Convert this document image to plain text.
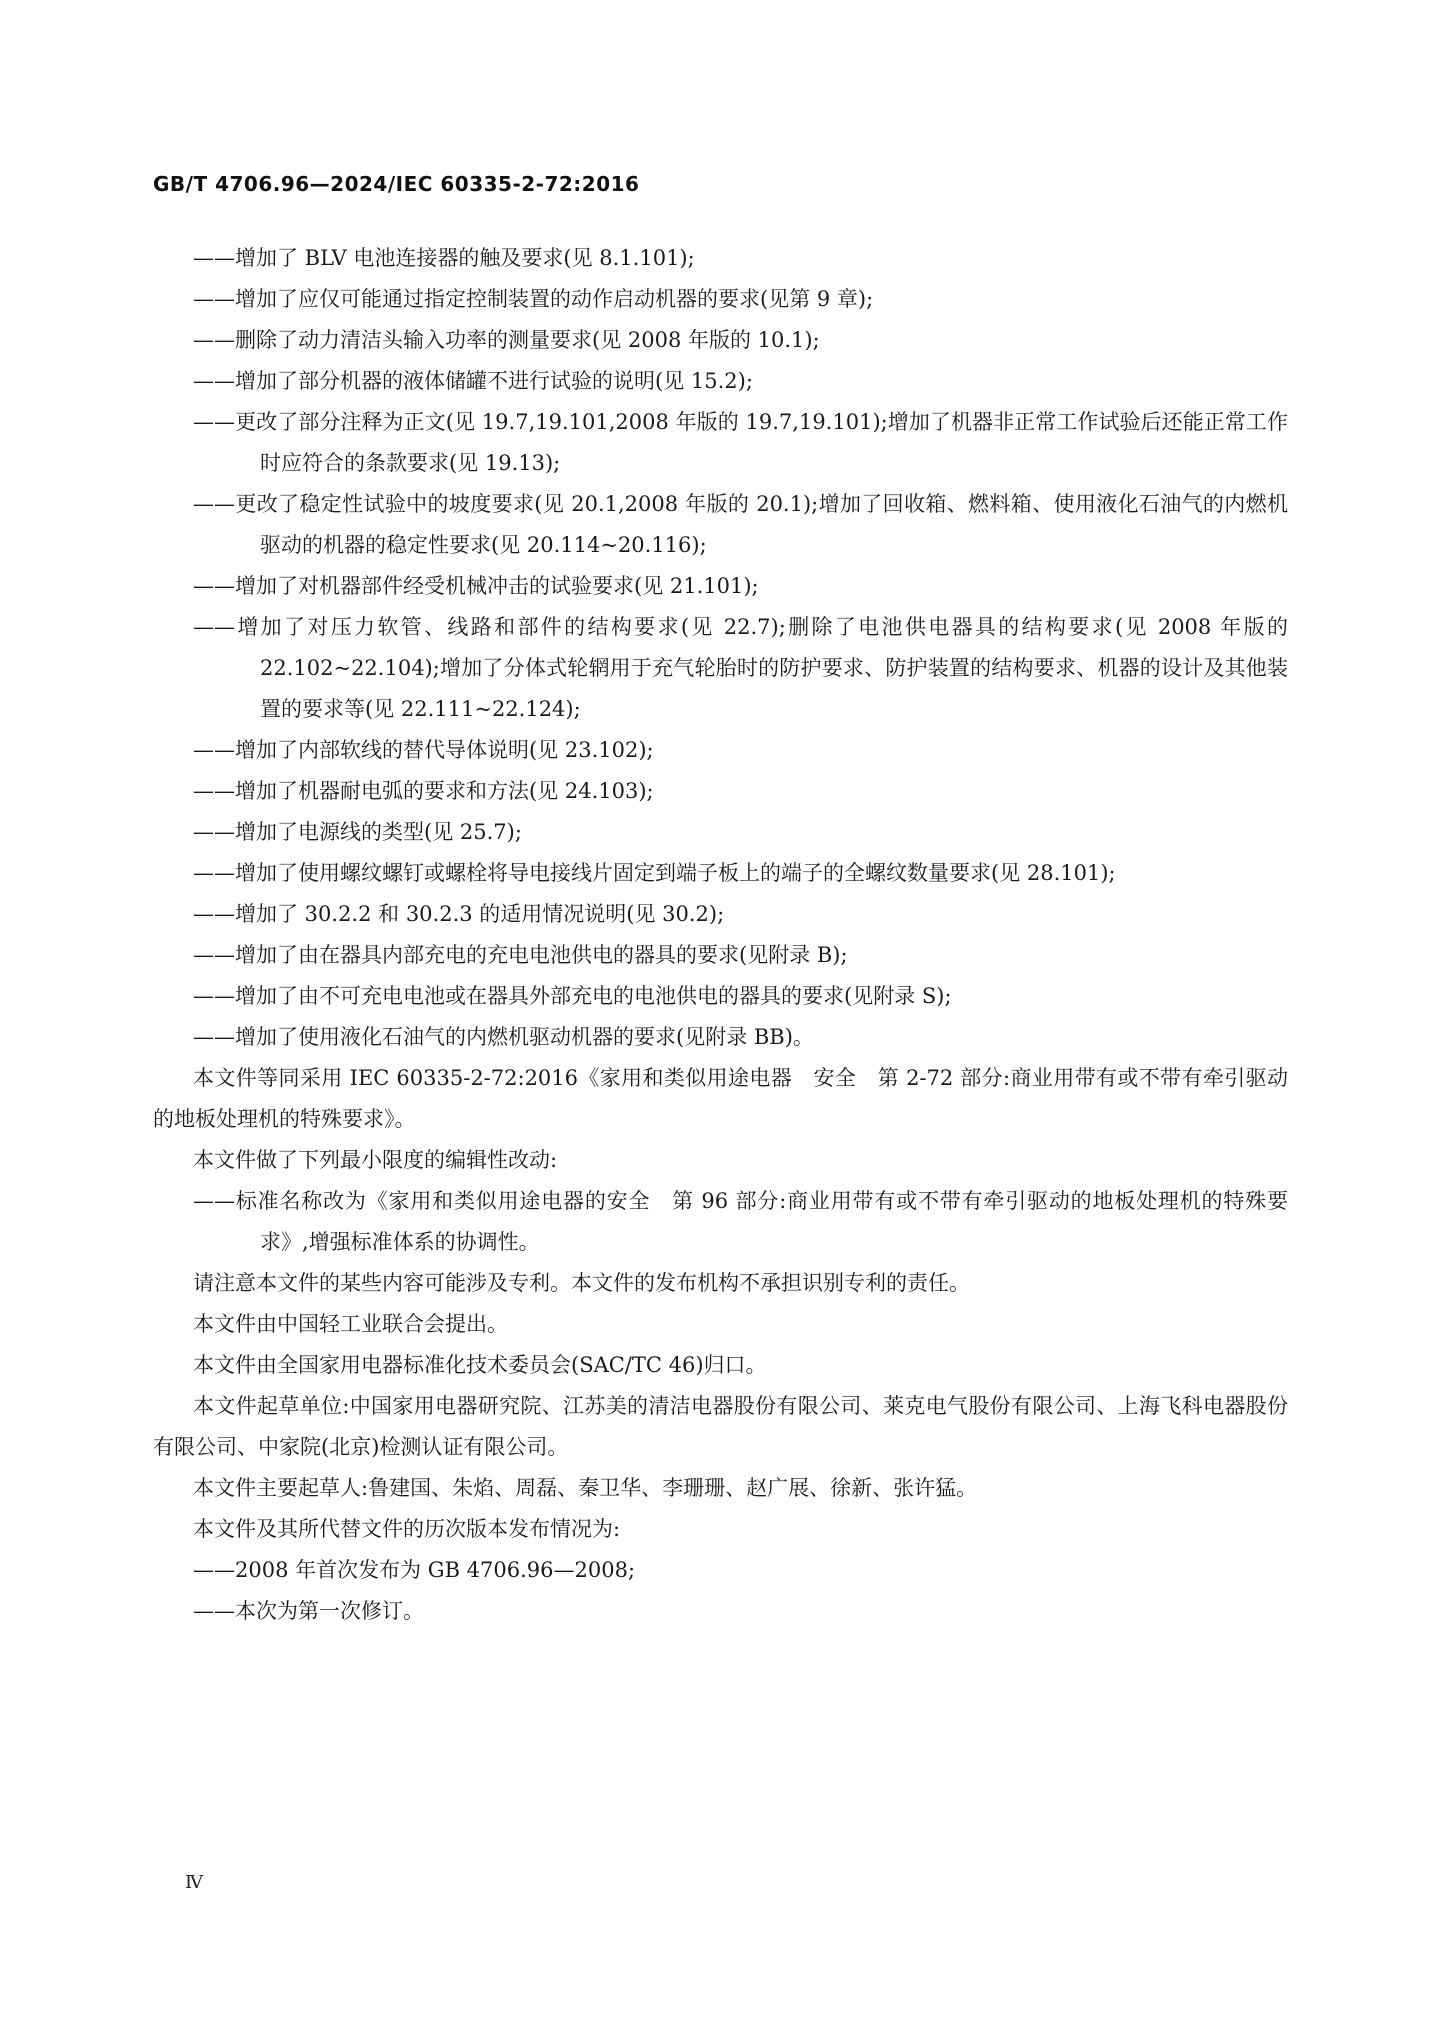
GB/T 4706.96—2024/IEC 60335-2-72:2016

——增加了 BLV 电池连接器的触及要求(见 8.1.101);

——增加了应仅可能通过指定控制装置的动作启动机器的要求(见第 9 章);

——删除了动力清洁头输入功率的测量要求(见 2008 年版的 10.1);

——增加了部分机器的液体储罐不进行试验的说明(见 15.2);

——更改了部分注释为正文(见 19.7,19.101,2008 年版的 19.7,19.101);增加了机器非正常工作试验后还能正常工作时应符合的条款要求(见 19.13);

——更改了稳定性试验中的坡度要求(见 20.1,2008 年版的 20.1);增加了回收箱、燃料箱、使用液化石油气的内燃机驱动的机器的稳定性要求(见 20.114~20.116);

——增加了对机器部件经受机械冲击的试验要求(见 21.101);

——增加了对压力软管、线路和部件的结构要求(见 22.7);删除了电池供电器具的结构要求(见 2008 年版的 22.102~22.104);增加了分体式轮辋用于充气轮胎时的防护要求、防护装置的结构要求、机器的设计及其他装置的要求等(见 22.111~22.124);

——增加了内部软线的替代导体说明(见 23.102);

——增加了机器耐电弧的要求和方法(见 24.103);

——增加了电源线的类型(见 25.7);

——增加了使用螺纹螺钉或螺栓将导电接线片固定到端子板上的端子的全螺纹数量要求(见 28.101);

——增加了 30.2.2 和 30.2.3 的适用情况说明(见 30.2);

——增加了由在器具内部充电的充电电池供电的器具的要求(见附录 B);

——增加了由不可充电电池或在器具外部充电的电池供电的器具的要求(见附录 S);

——增加了使用液化石油气的内燃机驱动机器的要求(见附录 BB)。

本文件等同采用 IEC 60335-2-72:2016《家用和类似用途电器　安全　第 2-72 部分:商业用带有或不带有牵引驱动的地板处理机的特殊要求》。

本文件做了下列最小限度的编辑性改动:

——标准名称改为《家用和类似用途电器的安全　第 96 部分:商业用带有或不带有牵引驱动的地板处理机的特殊要求》,增强标准体系的协调性。

请注意本文件的某些内容可能涉及专利。本文件的发布机构不承担识别专利的责任。

本文件由中国轻工业联合会提出。

本文件由全国家用电器标准化技术委员会(SAC/TC 46)归口。

本文件起草单位:中国家用电器研究院、江苏美的清洁电器股份有限公司、莱克电气股份有限公司、上海飞科电器股份有限公司、中家院(北京)检测认证有限公司。

本文件主要起草人:鲁建国、朱焰、周磊、秦卫华、李珊珊、赵广展、徐新、张许猛。

本文件及其所代替文件的历次版本发布情况为:

——2008 年首次发布为 GB 4706.96—2008;

——本次为第一次修订。

Ⅳ
